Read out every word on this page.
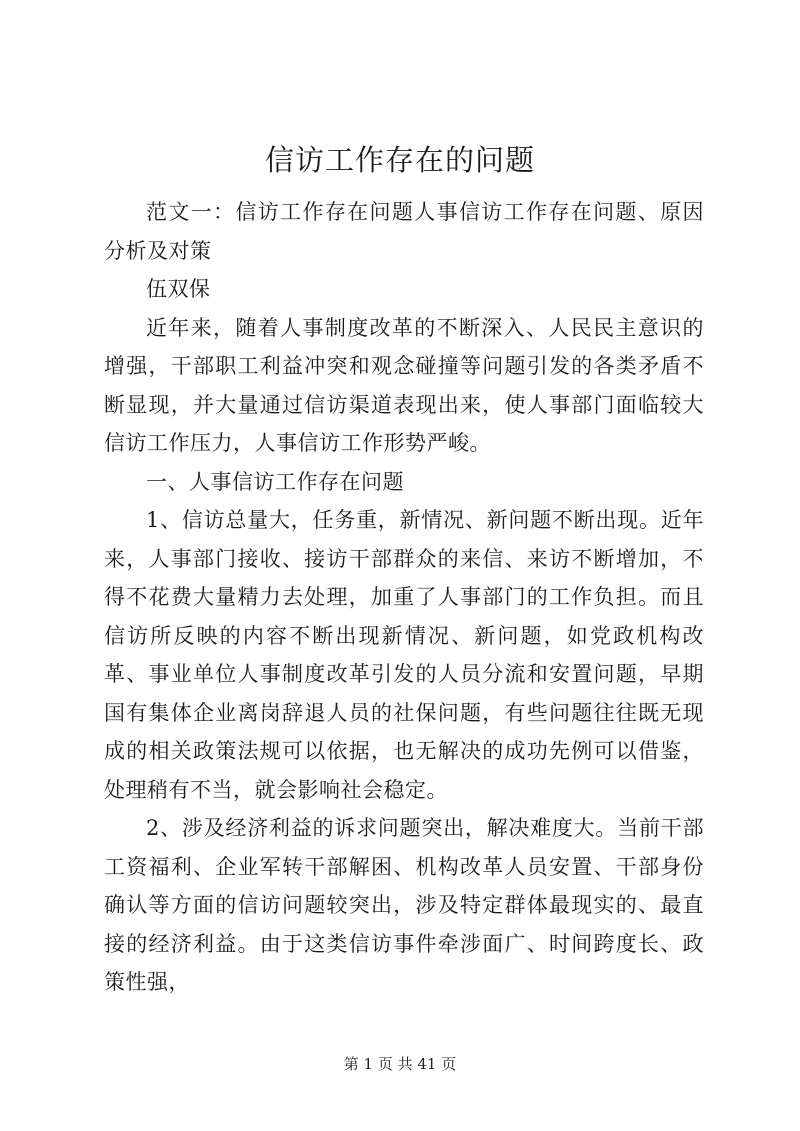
信访工作存在的问题

范文一：信访工作存在问题人事信访工作存在问题、原因分析及对策

伍双保

近年来，随着人事制度改革的不断深入、人民民主意识的增强，干部职工利益冲突和观念碰撞等问题引发的各类矛盾不断显现，并大量通过信访渠道表现出来，使人事部门面临较大信访工作压力，人事信访工作形势严峻。

一、人事信访工作存在问题

1、信访总量大，任务重，新情况、新问题不断出现。近年来，人事部门接收、接访干部群众的来信、来访不断增加，不得不花费大量精力去处理，加重了人事部门的工作负担。而且信访所反映的内容不断出现新情况、新问题，如党政机构改革、事业单位人事制度改革引发的人员分流和安置问题，早期国有集体企业离岗辞退人员的社保问题，有些问题往往既无现成的相关政策法规可以依据，也无解决的成功先例可以借鉴，处理稍有不当，就会影响社会稳定。

2、涉及经济利益的诉求问题突出，解决难度大。当前干部工资福利、企业军转干部解困、机构改革人员安置、干部身份确认等方面的信访问题较突出，涉及特定群体最现实的、最直接的经济利益。由于这类信访事件牵涉面广、时间跨度长、政策性强，

第 1 页 共 41 页
